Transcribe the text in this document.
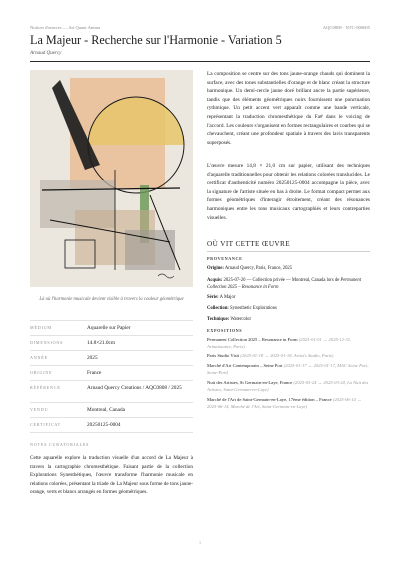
Notices d'œuvres — Art Quant Anima	AQC0808 · NTC-000605
La Majeur - Recherche sur l'Harmonie - Variation 5
Arnaud Quercy
Là où l'harmonie musicale devient visible à travers la couleur géométrique
MÉDIUM	Aquarelle sur Papier
DIMENSIONS	14.8×21.0cm
ANNÉE	2025
ORIGINE	France
RÉFÉRENCE	Arnaud Quercy Creations / AQC0808 / 2025
VENDU	Montreal, Canada
CERTIFICAT	20250125-0004
NOTES CURATORIALES

Cette aquarelle explore la traduction visuelle d'un accord de La Majeur à travers la cartographie chromesthétique. Faisant partie de la collection Explorations Synesthétiques, l'œuvre transforme l'harmonie musicale en relations colorées, présentant la triade de La Majeur sous forme de tons jaune-orange, verts et blancs arrangés en formes géométriques.

La composition se centre sur des tons jaune-orange chauds qui dominent la surface, avec des tones substantielles d'orange et de blanc créant la structure harmonique. Un demi-cercle jaune doré brillant ancre la partie supérieure, tandis que des éléments géométriques noirs fournissent une ponctuation rythmique. Un petit accent vert apparaît comme une bande verticale, représentant la traduction chromesthétique du Fa# dans le voicing de l'accord. Les couleurs s'organisent en formes rectangulaires et courbes qui se chevauchent, créant une profondeur spatiale à travers des lavis transparents superposés.

L'œuvre mesure 14,8 × 21,0 cm sur papier, utilisant des techniques d'aquarelle traditionnelles pour obtenir les relations colorées translucides. Le certificat d'authenticité numéro 20250125-0004 accompagne la pièce, avec la signature de l'artiste située en bas à droite. Le format compact permet aux formes géométriques d'interagir étroitement, créant des résonances harmoniques entre les tons musicaux cartographiés et leurs contreparties visuelles.

OÙ VIT CETTE ŒUVRE
PROVENANCE
Origine: Arnaud Quercy, Paris, France, 2025
Acquis: 2025-07-20 — Collection privée — Montreal, Canada lors de Permanent Collection 2025 – Resonance in Form
Série: A Major
Collection: Synesthetic Explorations
Technique: Watercolor
EXPOSITIONS
Permanent Collection 2025 – Resonance in Form (2025-01-01 → 2025-12-31, Artnaissance, Paris)
Paris Studio Visit (2025-01-18 → 2025-01-18, Artist's Studio, Paris)
Marché d'Art Contemporain – Seine Port (2025-01-17 → 2025-01-17, MAC Seine Port, Seine-Port)
Nuit des Artistes, St Germain-en-Laye, France (2025-03-24 → 2025-03-24, La Nuit des Artistes, Saint-Germain-en-Laye)
Marché de l'Art de Saint-Germain-en-Laye, 17ème édition – France (2025-06-14 → 2025-06-14, Marché de l'Art, Saint-Germain-en-Laye)
1
